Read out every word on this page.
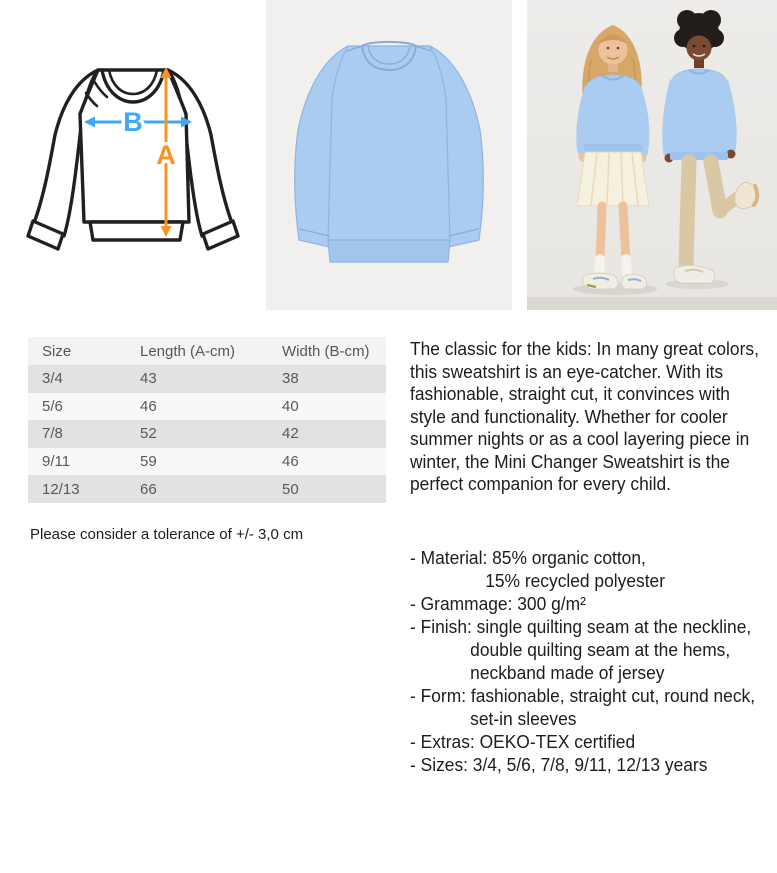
B
A
Size	Length (A-cm)	Width (B-cm)
3/4	43	38
5/6	46	40
7/8	52	42
9/11	59	46
12/13	66	50
Please consider a tolerance of +/- 3,0 cm
The classic for the kids: In many great colors,
this sweatshirt is an eye-catcher. With its
fashionable, straight cut, it convinces with
style and functionality. Whether for cooler
summer nights or as a cool layering piece in
winter, the Mini Changer Sweatshirt is the
perfect companion for every child.
- Material: 85% organic cotton,
15% recycled polyester
- Grammage: 300 g/m²
- Finish: single quilting seam at the neckline,
double quilting seam at the hems,
neckband made of jersey
- Form: fashionable, straight cut, round neck,
set-in sleeves
- Extras: OEKO-TEX certified
- Sizes: 3/4, 5/6, 7/8, 9/11, 12/13 years
